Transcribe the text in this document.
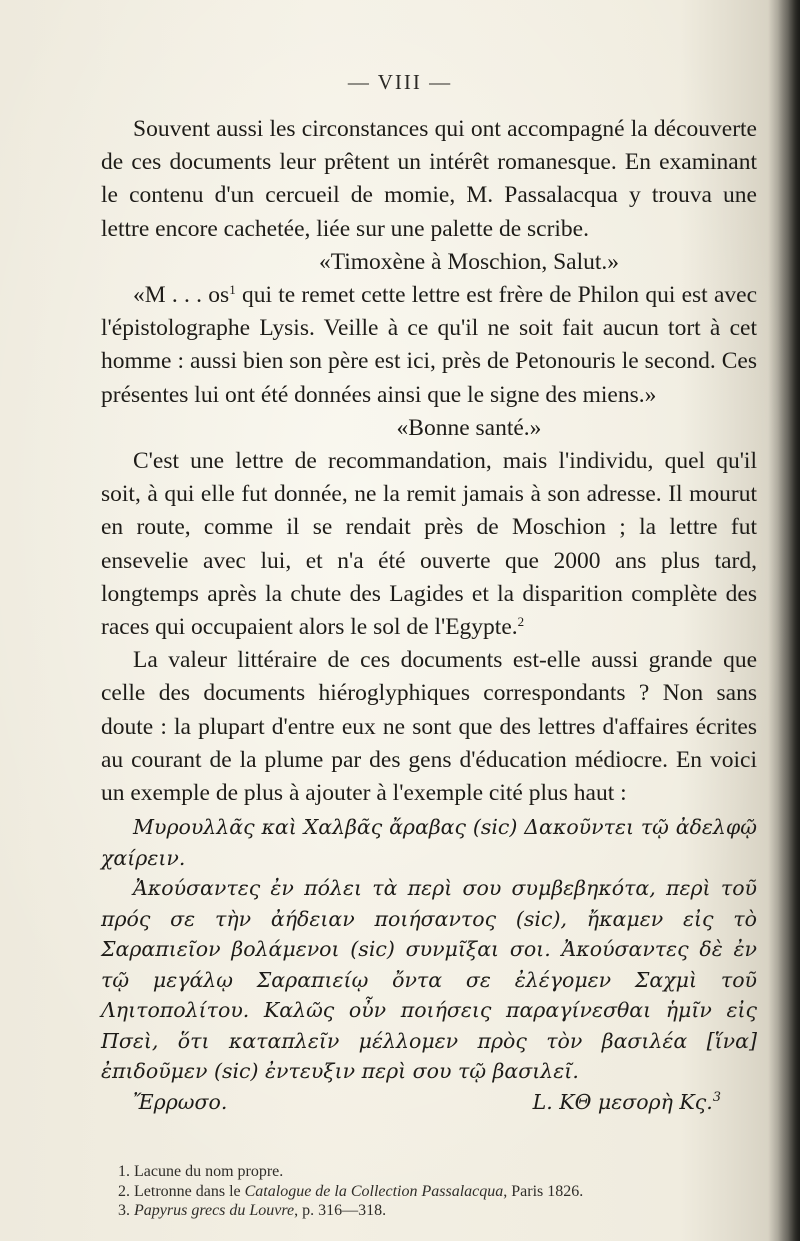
— VIII —

Souvent aussi les circonstances qui ont accompagné la découverte de ces documents leur prêtent un intérêt romanesque. En examinant le contenu d'un cercueil de momie, M. Passalacqua y trouva une lettre encore cachetée, liée sur une palette de scribe.

«Timoxène à Moschion, Salut.»

«M . . . $os^1$ qui te remet cette lettre est frère de Philon qui est avec l'épistolographe Lysis. Veille à ce qu'il ne soit fait aucun tort à cet homme : aussi bien son père est ici, près de Petonouris le second. Ces présentes lui ont été données ainsi que le signe des miens.»

«Bonne santé.»

C'est une lettre de recommandation, mais l'individu, quel qu'il soit, à qui elle fut donnée, ne la remit jamais à son adresse. Il mourut en route, comme il se rendait près de Moschion ; la lettre fut ensevelie avec lui, et n'a été ouverte que 2000 ans plus tard, longtemps après la chute des Lagides et la disparition complète des races qui occupaient alors le sol de l'Egypte.$^2$

La valeur littéraire de ces documents est-elle aussi grande que celle des documents hiéroglyphiques correspondants ? Non sans doute : la plupart d'entre eux ne sont que des lettres d'affaires écrites au courant de la plume par des gens d'éducation médiocre. En voici un exemple de plus à ajouter à l'exemple cité plus haut :

Μυρουλλᾶς καὶ Χαλβᾶς ἄραβας (sic) Δακοῦντει τῷ ἀδελφῷ χαίρειν.

Ἀκούσαντες ἐν πόλει τὰ περὶ σου συμβεβηκότα, περὶ τοῦ πρός σε τὴν ἀήδειαν ποιήσαντος (sic), ἤκαμεν εἰς τὸ Σαραπιεῖον βολάμενοι (sic) συνμῖξαι σοι. Ἀκούσαντες δὲ ἐν τῷ μεγάλῳ Σαραπιείῳ ὄντα σε ἐλέγομεν Σαχμὶ τοῦ Ληιτοπολίτου. Καλῶς οὖν ποιήσεις παραγίνεσθαι ἡμῖν εἰς Πσεὶ, ὅτι καταπλεῖν μέλλομεν πρὸς τὸν βασιλέα [ἵνα] ἐπιδοῦμεν (sic) ἐντευξιν περὶ σου τῷ βασιλεῖ.

Ἔρρωσο.	L. ΚΘ μεσορὴ Κς.$^3$
1. Lacune du nom propre.
2. Letronne dans le Catalogue de la Collection Passalacqua, Paris 1826.
3. Papyrus grecs du Louvre, p. 316—318.
